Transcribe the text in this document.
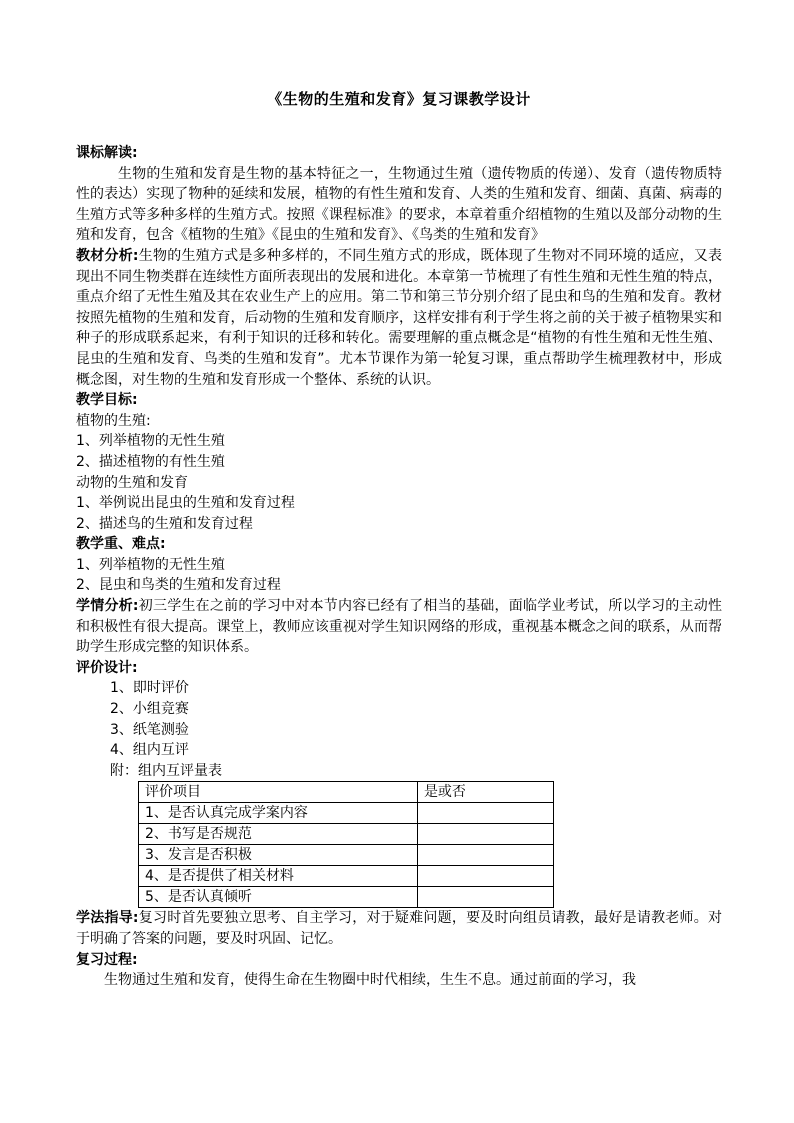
《生物的生殖和发育》复习课教学设计

课标解读:

生物的生殖和发育是生物的基本特征之一，生物通过生殖（遗传物质的传递）、发育（遗传物质特性的表达）实现了物种的延续和发展，植物的有性生殖和发育、人类的生殖和发育、细菌、真菌、病毒的生殖方式等多种多样的生殖方式。按照《课程标准》的要求，本章着重介绍植物的生殖以及部分动物的生殖和发育，包含《植物的生殖》《昆虫的生殖和发育》、《鸟类的生殖和发育》

教材分析:生物的生殖方式是多种多样的，不同生殖方式的形成，既体现了生物对不同环境的适应，又表现出不同生物类群在连续性方面所表现出的发展和进化。本章第一节梳理了有性生殖和无性生殖的特点，重点介绍了无性生殖及其在农业生产上的应用。第二节和第三节分别介绍了昆虫和鸟的生殖和发育。教材按照先植物的生殖和发育，后动物的生殖和发育顺序，这样安排有利于学生将之前的关于被子植物果实和种子的形成联系起来，有利于知识的迁移和转化。需要理解的重点概念是“植物的有性生殖和无性生殖、昆虫的生殖和发育、鸟类的生殖和发育”。尤本节课作为第一轮复习课，重点帮助学生梳理教材中，形成概念图，对生物的生殖和发育形成一个整体、系统的认识。

教学目标:

植物的生殖:

1、列举植物的无性生殖

2、描述植物的有性生殖

动物的生殖和发育

1、举例说出昆虫的生殖和发育过程

2、描述鸟的生殖和发育过程

教学重、难点:

1、列举植物的无性生殖

2、昆虫和鸟类的生殖和发育过程

学情分析:初三学生在之前的学习中对本节内容已经有了相当的基础，面临学业考试，所以学习的主动性和积极性有很大提高。课堂上，教师应该重视对学生知识网络的形成，重视基本概念之间的联系，从而帮助学生形成完整的知识体系。

评价设计:

1、即时评价

2、小组竞赛

3、纸笔测验

4、组内互评

附：组内互评量表

评价项目	是或否
1、是否认真完成学案内容	
2、书写是否规范	
3、发言是否积极	
4、是否提供了相关材料	
5、是否认真倾听	

学法指导:复习时首先要独立思考、自主学习，对于疑难问题，要及时向组员请教，最好是请教老师。对于明确了答案的问题，要及时巩固、记忆。

复习过程:

生物通过生殖和发育，使得生命在生物圈中时代相续，生生不息。通过前面的学习，我
